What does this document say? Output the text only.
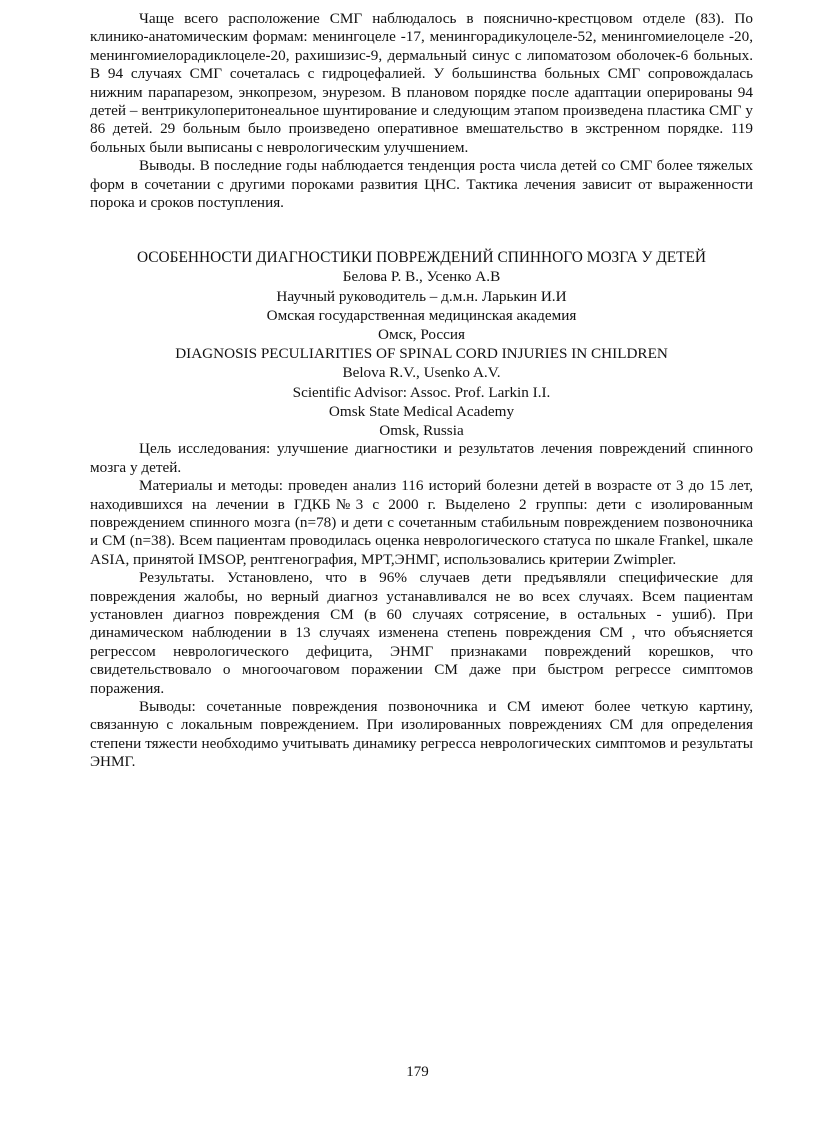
Чаще всего расположение СМГ наблюдалось в пояснично-крестцовом отделе (83). По клинико-анатомическим формам: менингоцеле -17, менингорадикулоцеле-52, менингомиелоцеле -20, менингомиелорадиклоцеле-20, рахишизис-9, дермальный синус с липоматозом оболочек-6 больных. В 94 случаях СМГ сочеталась с гидроцефалией. У большинства больных СМГ сопровождалась нижним парапарезом, энкопрезом, энурезом. В плановом порядке после адаптации оперированы 94 детей – вентрикулоперитонеальное шунтирование и следующим этапом произведена пластика СМГ у 86 детей. 29 больным было произведено оперативное вмешательство в экстренном порядке. 119 больных были выписаны с неврологическим улучшением.

Выводы. В последние годы наблюдается тенденция роста числа детей со СМГ более тяжелых форм в сочетании с другими пороками развития ЦНС. Тактика лечения зависит от выраженности порока и сроков поступления.

ОСОБЕННОСТИ ДИАГНОСТИКИ ПОВРЕЖДЕНИЙ СПИННОГО МОЗГА У ДЕТЕЙ

Белова Р. В., Усенко А.В

Научный руководитель – д.м.н. Ларькин И.И

Омская государственная медицинская академия

Омск, Россия

DIAGNOSIS PECULIARITIES OF SPINAL CORD INJURIES IN CHILDREN

Belova R.V., Usenko A.V.

Scientific Advisor: Assoc. Prof. Larkin I.I.

Omsk State Medical Academy

Omsk, Russia

Цель исследования: улучшение диагностики и результатов лечения повреждений спинного мозга у детей.

Материалы и методы: проведен анализ 116 историй болезни детей в возрасте от 3 до 15 лет, находившихся на лечении в ГДКБ№3 с 2000 г. Выделено 2 группы: дети с изолированным повреждением спинного мозга (n=78) и дети с сочетанным стабильным повреждением позвоночника и СМ (n=38). Всем пациентам проводилась оценка неврологического статуса по шкале Frankel, шкале ASIA, принятой IMSOP, рентгенография, МРТ,ЭНМГ, использовались критерии Zwimpler.

Результаты. Установлено, что в 96% случаев дети предъявляли специфические для повреждения жалобы, но верный диагноз устанавливался не во всех случаях. Всем пациентам установлен диагноз повреждения СМ (в 60 случаях сотрясение, в остальных - ушиб). При динамическом наблюдении в 13 случаях изменена степень повреждения СМ , что объясняется регрессом неврологического дефицита, ЭНМГ признаками повреждений корешков, что свидетельствовало о многоочаговом поражении СМ даже при быстром регрессе симптомов поражения.

Выводы: сочетанные повреждения позвоночника и СМ имеют более четкую картину, связанную с локальным повреждением. При изолированных повреждениях СМ для определения степени тяжести необходимо учитывать динамику регресса неврологических симптомов и результаты ЭНМГ.

179
